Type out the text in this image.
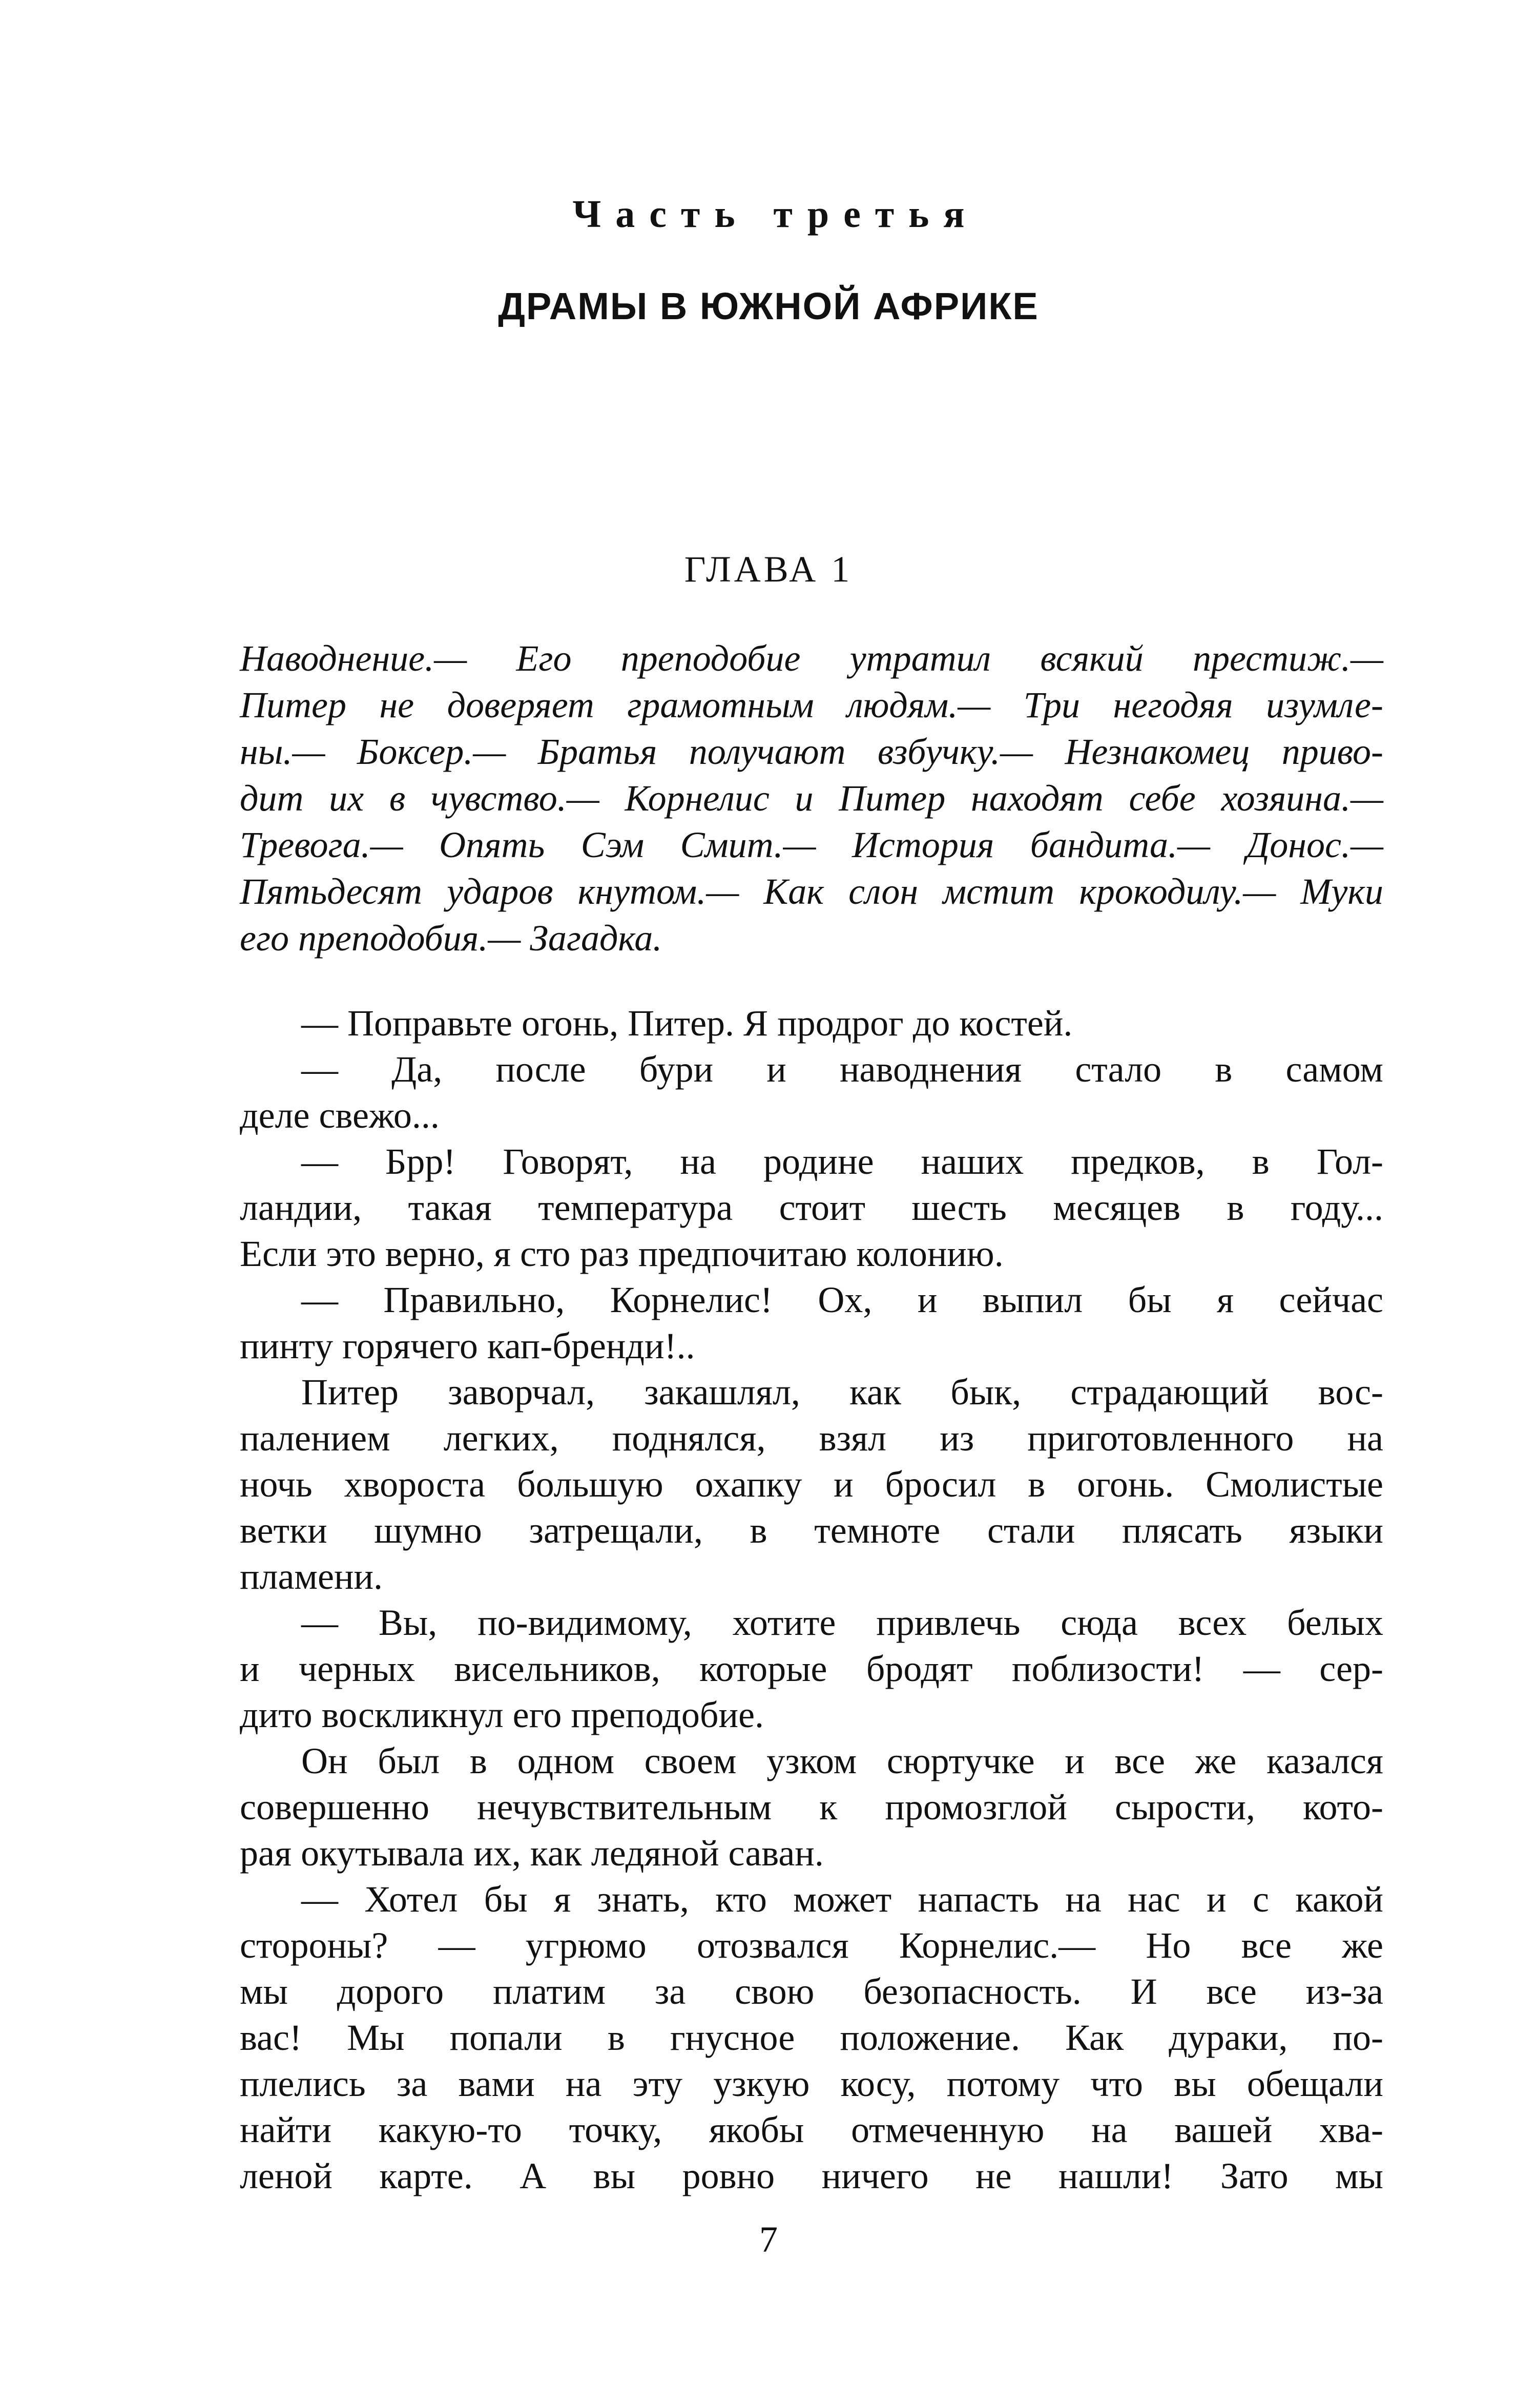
Часть третья
ДРАМЫ В ЮЖНОЙ АФРИКЕ
ГЛАВА 1
Наводнение.— Его преподобие утратил всякий престиж.—
Питер не доверяет грамотным людям.— Три негодяя изумле-
ны.— Боксер.— Братья получают взбучку.— Незнакомец приво-
дит их в чувство.— Корнелис и Питер находят себе хозяина.—
Тревога.— Опять Сэм Смит.— История бандита.— Донос.—
Пятьдесят ударов кнутом.— Как слон мстит крокодилу.— Муки
его преподобия.— Загадка.
— Поправьте огонь, Питер. Я продрог до костей.
— Да, после бури и наводнения стало в самом
деле свежо...
— Брр! Говорят, на родине наших предков, в Гол-
ландии, такая температура стоит шесть месяцев в году...
Если это верно, я сто раз предпочитаю колонию.
— Правильно, Корнелис! Ох, и выпил бы я сейчас
пинту горячего кап-бренди!..
Питер заворчал, закашлял, как бык, страдающий вос-
палением легких, поднялся, взял из приготовленного на
ночь хвороста большую охапку и бросил в огонь. Смолистые
ветки шумно затрещали, в темноте стали плясать языки
пламени.
— Вы, по-видимому, хотите привлечь сюда всех белых
и черных висельников, которые бродят поблизости! — сер-
дито воскликнул его преподобие.
Он был в одном своем узком сюртучке и все же казался
совершенно нечувствительным к промозглой сырости, кото-
рая окутывала их, как ледяной саван.
— Хотел бы я знать, кто может напасть на нас и с какой
стороны? — угрюмо отозвался Корнелис.— Но все же
мы дорого платим за свою безопасность. И все из-за
вас! Мы попали в гнусное положение. Как дураки, по-
плелись за вами на эту узкую косу, потому что вы обещали
найти какую-то точку, якобы отмеченную на вашей хва-
леной карте. А вы ровно ничего не нашли! Зато мы
7
